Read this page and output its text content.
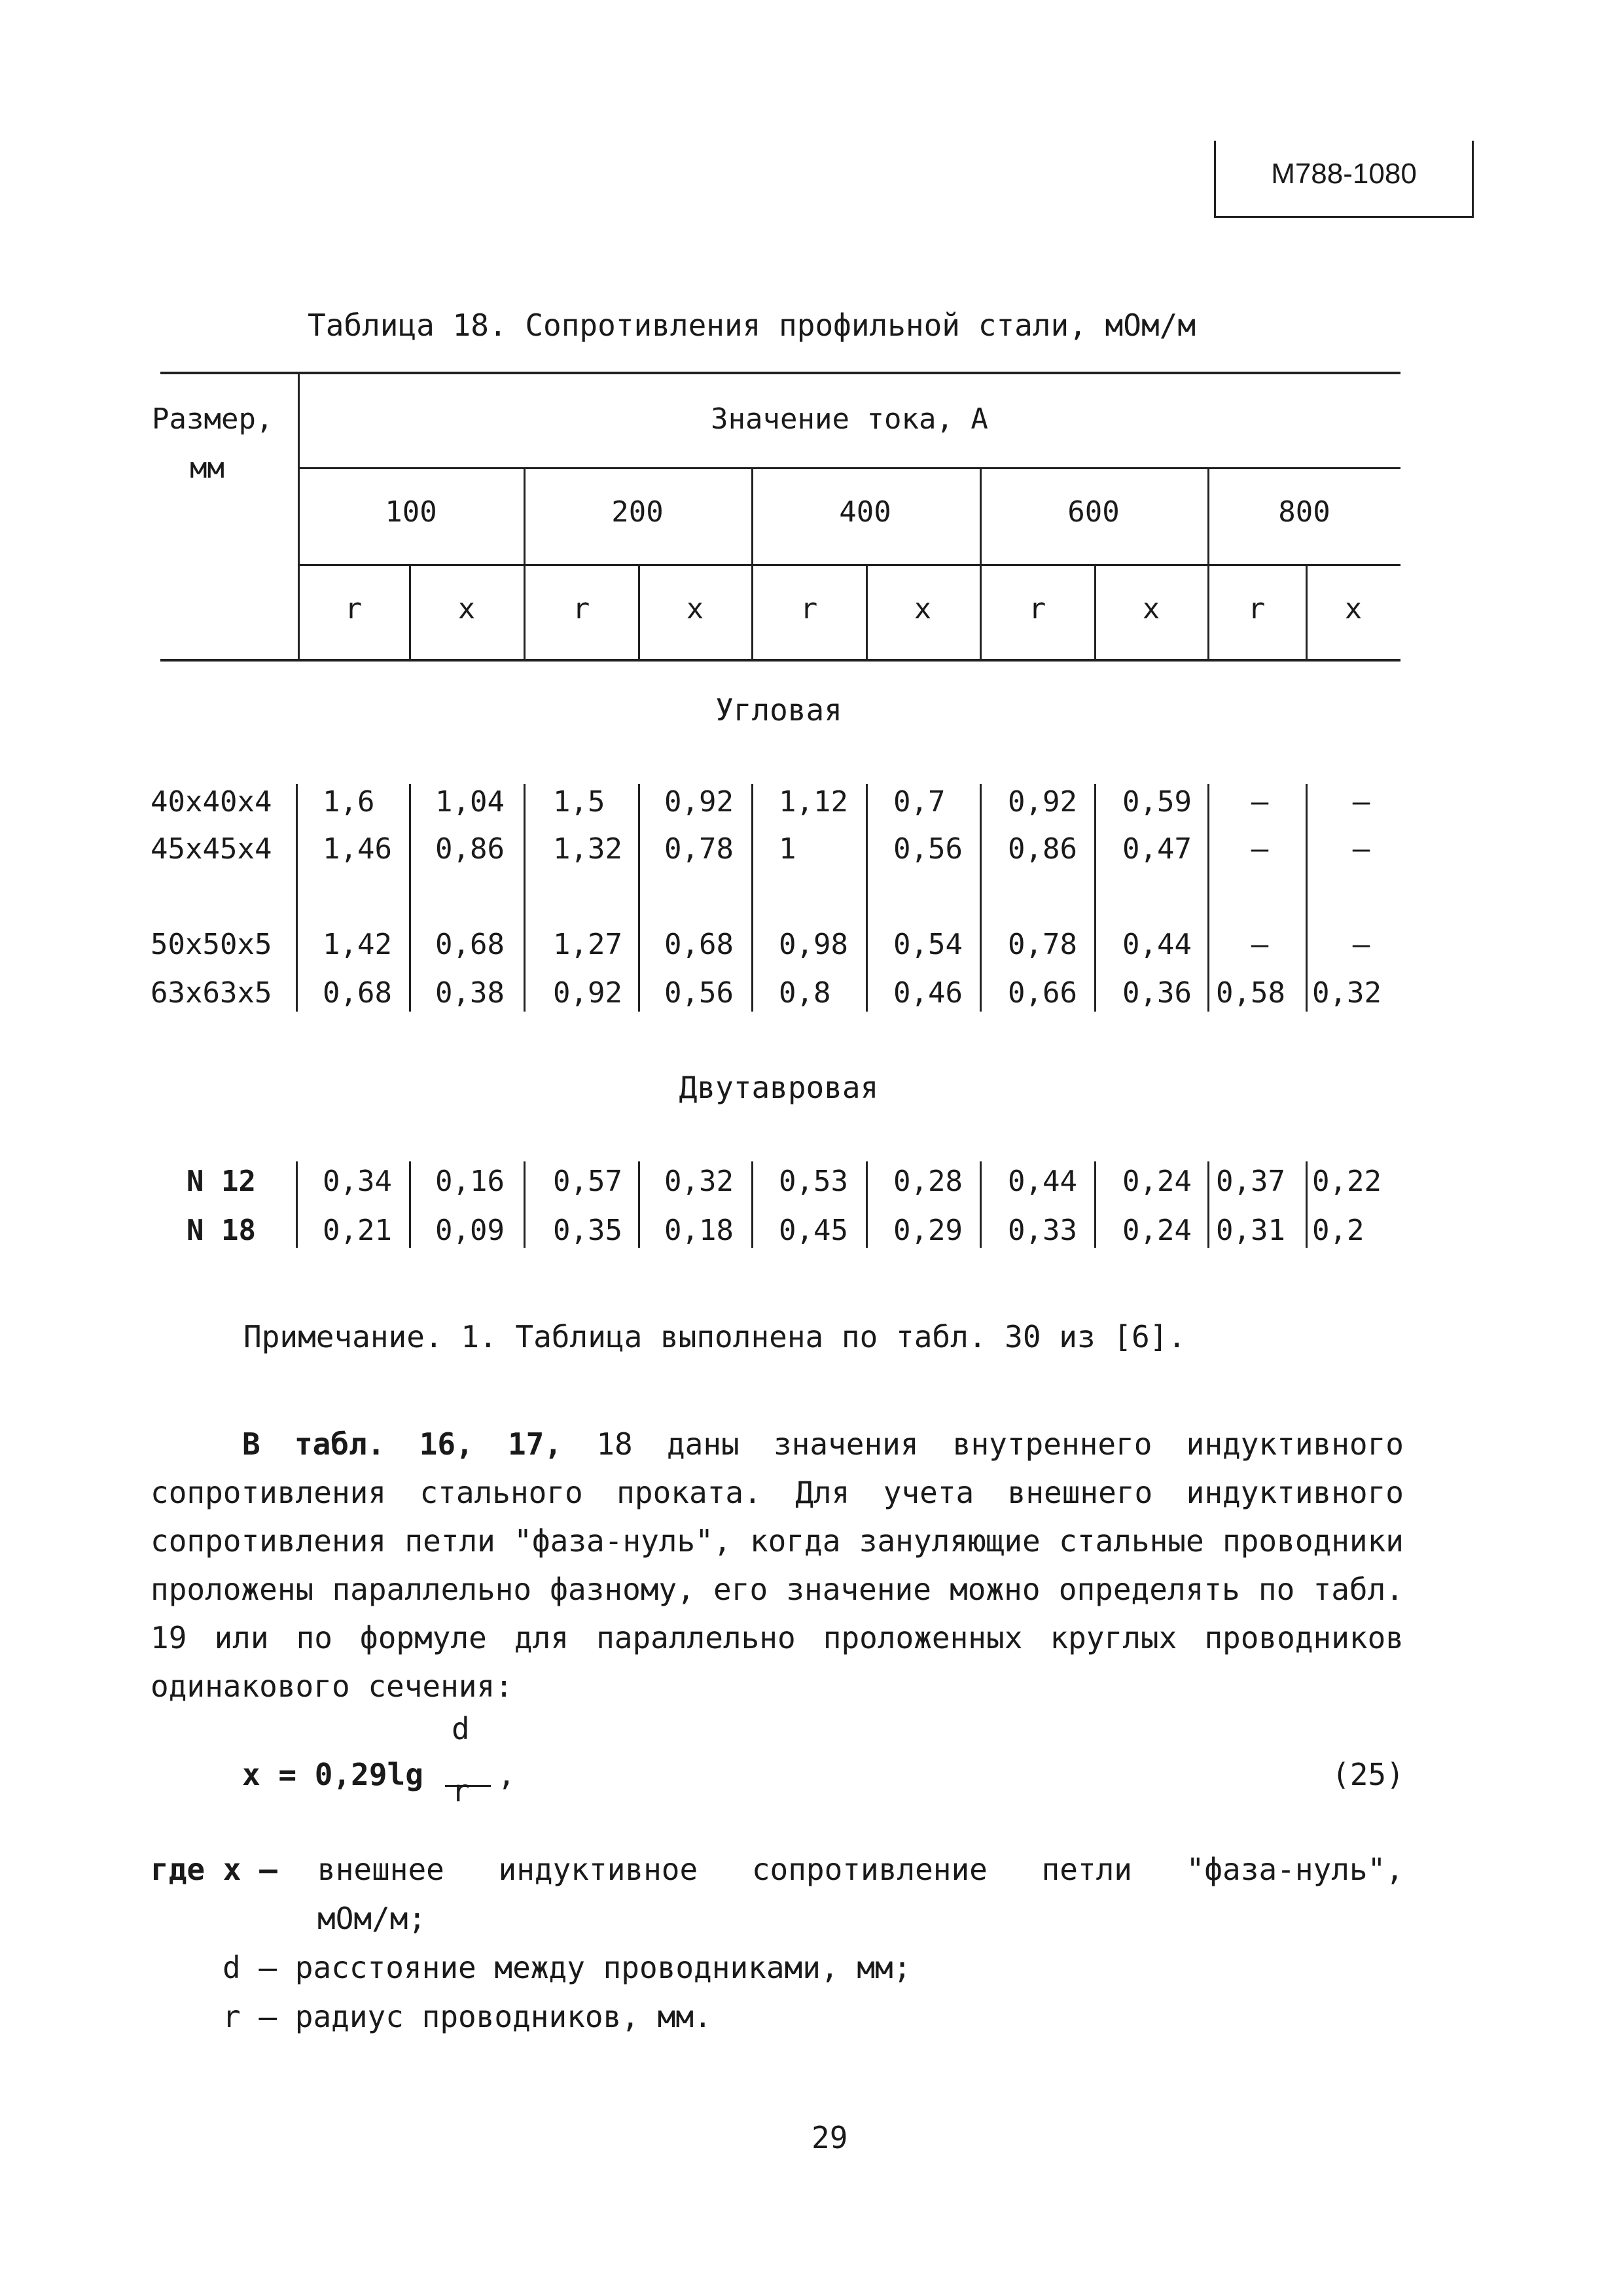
М788-1080
Таблица 18. Сопротивления профильной стали, мОм/м
Размер,
мм
Значение тока, А
100	200	400	600	800
r	x	r	x	r	x	r	x	r	x
Угловая
40x40x4 1,6 1,04 1,5 0,92 1,12 0,7 0,92 0,59 –	–
45x45x4 1,46 0,86 1,32 0,78 1	0,56 0,86 0,47 –	–
50x50x5 1,42 0,68 1,27 0,68 0,98 0,54 0,78 0,44 –	–
63x63x5 0,68 0,38 0,92 0,56 0,8 0,46 0,66 0,36 0,58 0,32
Двутавровая
N 12 0,34 0,16 0,57 0,32 0,53 0,28 0,44 0,24 0,37 0,22
N 18 0,21 0,09 0,35 0,18 0,45 0,29 0,33 0,24 0,31 0,2
Примечание. 1. Таблица выполнена по табл. 30 из [6].

В табл. 16, 17, 18 даны значения внутреннего индуктивного сопротивления стального проката. Для учета внешнего индуктивного сопротивления петли "фаза-нуль", когда зануляющие стальные проводники проложены параллельно фазному, его значение можно определять по табл. 19 или по формуле для параллельно проложенных круглых проводников одинакового сечения:

x = 0,29lg
d
r ,	(25)
где x – внешнее индуктивное сопротивление петли "фаза-нуль",
мОм/м;
d – расстояние между проводниками, мм;
r – радиус проводников, мм.
29
